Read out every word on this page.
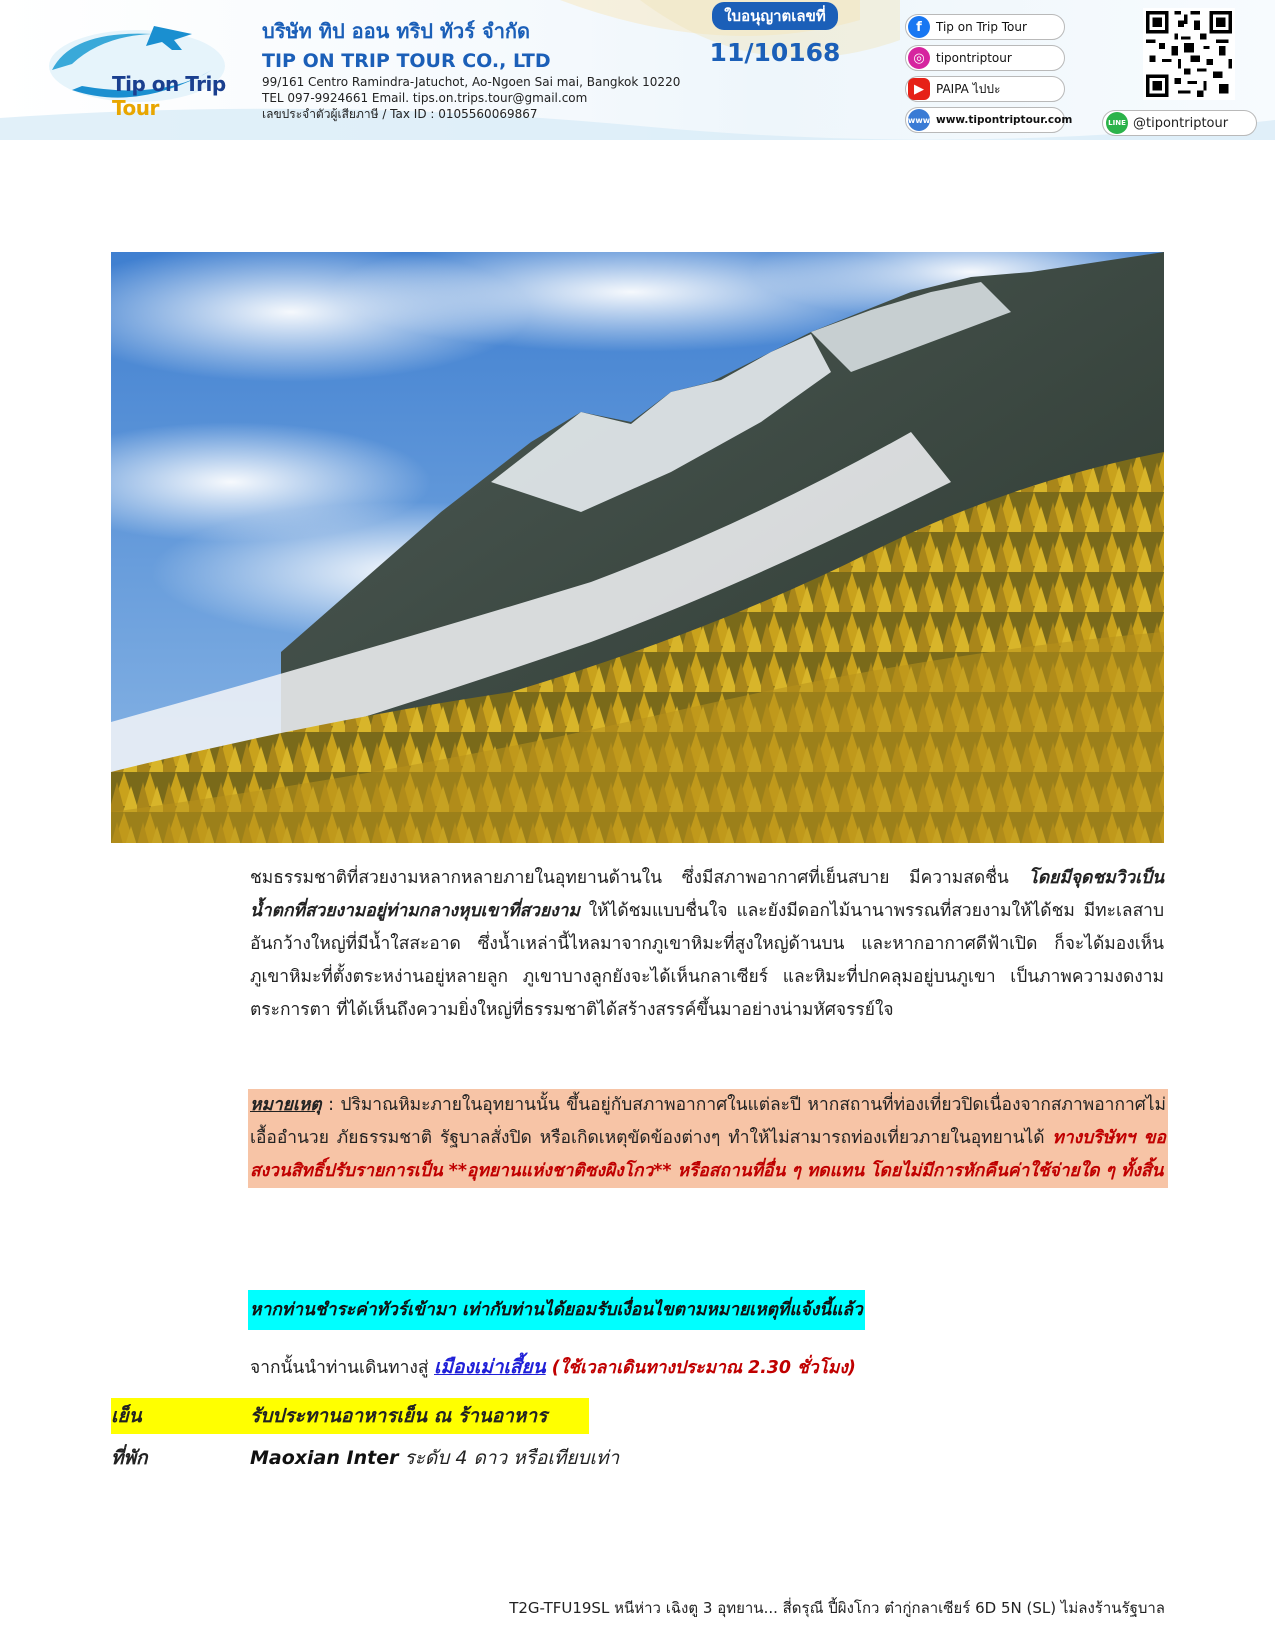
Tip on Trip Tour
บริษัท ทิป ออน ทริป ทัวร์ จำกัด
TIP ON TRIP TOUR CO., LTD
99/161 Centro Ramindra-Jatuchot, Ao-Ngoen Sai mai, Bangkok 10220
TEL 097-9924661 Email. tips.on.trips.tour@gmail.com
เลขประจำตัวผู้เสียภาษี / Tax ID : 0105560069867
ใบอนุญาตเลขที่
11/10168
f	Tip on Trip Tour
◎ tipontriptour
▶	PAIPA ไปปะ
www www.tipontriptour.com	LINE @tipontriptour

ชมธรรมชาติที่สวยงามหลากหลายภายในอุทยานด้านใน ซึ่งมีสภาพอากาศที่เย็นสบาย มีความสดชื่น โดยมีจุดชมวิวเป็นน้ำตกที่สวยงามอยู่ท่ามกลางหุบเขาที่สวยงาม ให้ได้ชมแบบชื่นใจ และยังมีดอกไม้นานาพรรณที่สวยงามให้ได้ชม มีทะเลสาบอันกว้างใหญ่ที่มีน้ำใสสะอาด ซึ่งน้ำเหล่านี้ไหลมาจากภูเขาหิมะที่สูงใหญ่ด้านบน และหากอากาศดีฟ้าเปิด ก็จะได้มองเห็นภูเขาหิมะที่ตั้งตระหง่านอยู่หลายลูก ภูเขาบางลูกยังจะได้เห็นกลาเซียร์ และหิมะที่ปกคลุมอยู่บนภูเขา เป็นภาพความงดงามตระการตา ที่ได้เห็นถึงความยิ่งใหญ่ที่ธรรมชาติได้สร้างสรรค์ขึ้นมาอย่างน่ามหัศจรรย์ใจ

หมายเหตุ : ปริมาณหิมะภายในอุทยานนั้น ขึ้นอยู่กับสภาพอากาศในแต่ละปี หากสถานที่ท่องเที่ยวปิดเนื่องจากสภาพอากาศไม่เอื้ออำนวย ภัยธรรมชาติ รัฐบาลสั่งปิด หรือเกิดเหตุขัดข้องต่างๆ ทำให้ไม่สามารถท่องเที่ยวภายในอุทยานได้ ทางบริษัทฯ ขอสงวนสิทธิ์ปรับรายการเป็น **อุทยานแห่งชาติซงผิงโกว** หรือสถานที่อื่น ๆ ทดแทน โดยไม่มีการหักคืนค่าใช้จ่ายใด ๆ ทั้งสิ้น
หากท่านชำระค่าทัวร์เข้ามา เท่ากับท่านได้ยอมรับเงื่อนไขตามหมายเหตุที่แจ้งนี้แล้ว
จากนั้นนำท่านเดินทางสู่ เมืองเม่าเสี้ยน (ใช้เวลาเดินทางประมาณ 2.30 ชั่วโมง)
เย็น	รับประทานอาหารเย็น ณ ร้านอาหาร
ที่พัก	Maoxian Inter ระดับ 4 ดาว หรือเทียบเท่า
T2G-TFU19SL หนีห่าว เฉิงตู 3 อุทยาน... สี่ดรุณี ปี้ผิงโกว ต๋ากู่กลาเซียร์ 6D 5N (SL) ไม่ลงร้านรัฐบาล
